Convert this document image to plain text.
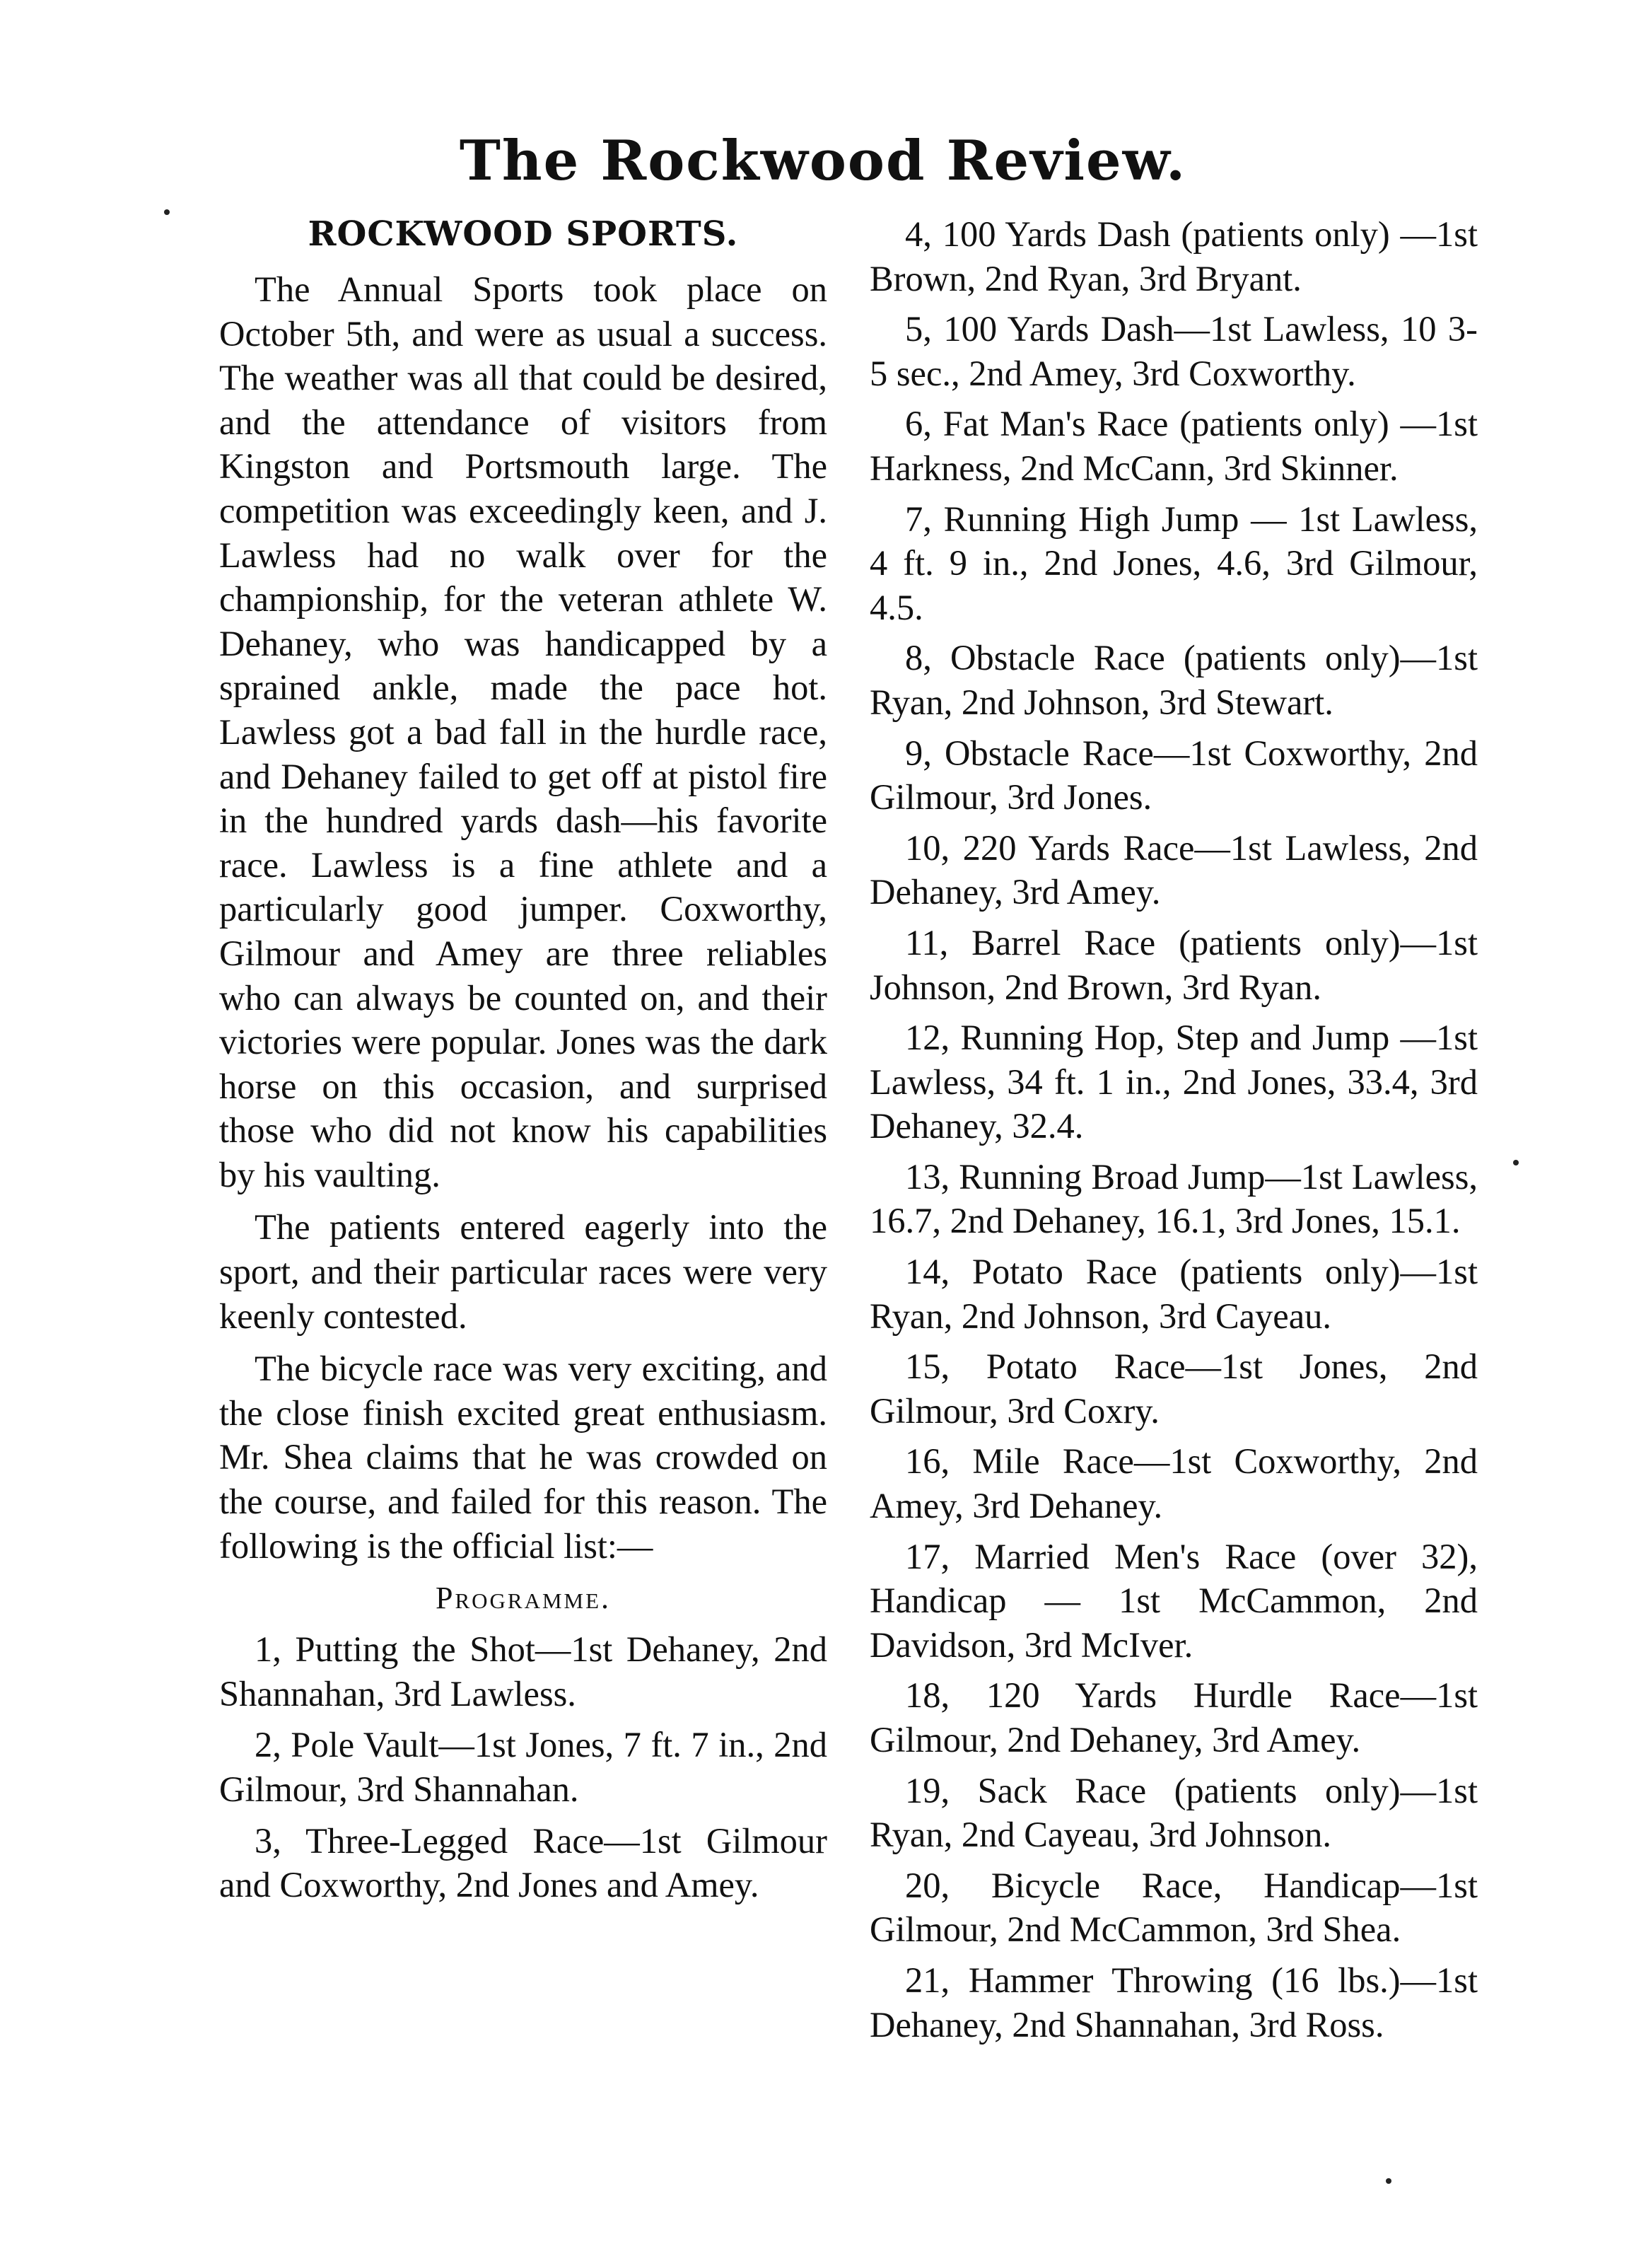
The Rockwood Review.
ROCKWOOD SPORTS.

The Annual Sports took place on October 5th, and were as usual a success. The weather was all that could be desired, and the attendance of visitors from Kingston and Portsmouth large. The competition was exceedingly keen, and J. Lawless had no walk over for the championship, for the veteran athlete W. Dehaney, who was handicapped by a sprained ankle, made the pace hot. Lawless got a bad fall in the hurdle race, and Dehaney failed to get off at pistol fire in the hundred yards dash—his favorite race. Lawless is a fine athlete and a particularly good jumper. Coxworthy, Gilmour and Amey are three reliables who can always be counted on, and their victories were popular. Jones was the dark horse on this occasion, and surprised those who did not know his capabilities by his vaulting.

The patients entered eagerly into the sport, and their particular races were very keenly contested.

The bicycle race was very exciting, and the close finish excited great enthusiasm. Mr. Shea claims that he was crowded on the course, and failed for this reason. The following is the official list:—

Programme.

1, Putting the Shot—1st Dehaney, 2nd Shannahan, 3rd Lawless.

2, Pole Vault—1st Jones, 7 ft. 7 in., 2nd Gilmour, 3rd Shannahan.

3, Three-Legged Race—1st Gilmour and Coxworthy, 2nd Jones and Amey.

4, 100 Yards Dash (patients only) —1st Brown, 2nd Ryan, 3rd Bryant.

5, 100 Yards Dash—1st Lawless, 10 3-5 sec., 2nd Amey, 3rd Coxworthy.

6, Fat Man's Race (patients only) —1st Harkness, 2nd McCann, 3rd Skinner.

7, Running High Jump — 1st Lawless, 4 ft. 9 in., 2nd Jones, 4.6, 3rd Gilmour, 4.5.

8, Obstacle Race (patients only)—1st Ryan, 2nd Johnson, 3rd Stewart.

9, Obstacle Race—1st Coxworthy, 2nd Gilmour, 3rd Jones.

10, 220 Yards Race—1st Lawless, 2nd Dehaney, 3rd Amey.

11, Barrel Race (patients only)—1st Johnson, 2nd Brown, 3rd Ryan.

12, Running Hop, Step and Jump —1st Lawless, 34 ft. 1 in., 2nd Jones, 33.4, 3rd Dehaney, 32.4.

13, Running Broad Jump—1st Lawless, 16.7, 2nd Dehaney, 16.1, 3rd Jones, 15.1.

14, Potato Race (patients only)—1st Ryan, 2nd Johnson, 3rd Cayeau.

15, Potato Race—1st Jones, 2nd Gilmour, 3rd Coxry.

16, Mile Race—1st Coxworthy, 2nd Amey, 3rd Dehaney.

17, Married Men's Race (over 32), Handicap — 1st McCammon, 2nd Davidson, 3rd McIver.

18, 120 Yards Hurdle Race—1st Gilmour, 2nd Dehaney, 3rd Amey.

19, Sack Race (patients only)—1st Ryan, 2nd Cayeau, 3rd Johnson.

20, Bicycle Race, Handicap—1st Gilmour, 2nd McCammon, 3rd Shea.

21, Hammer Throwing (16 lbs.)—1st Dehaney, 2nd Shannahan, 3rd Ross.
